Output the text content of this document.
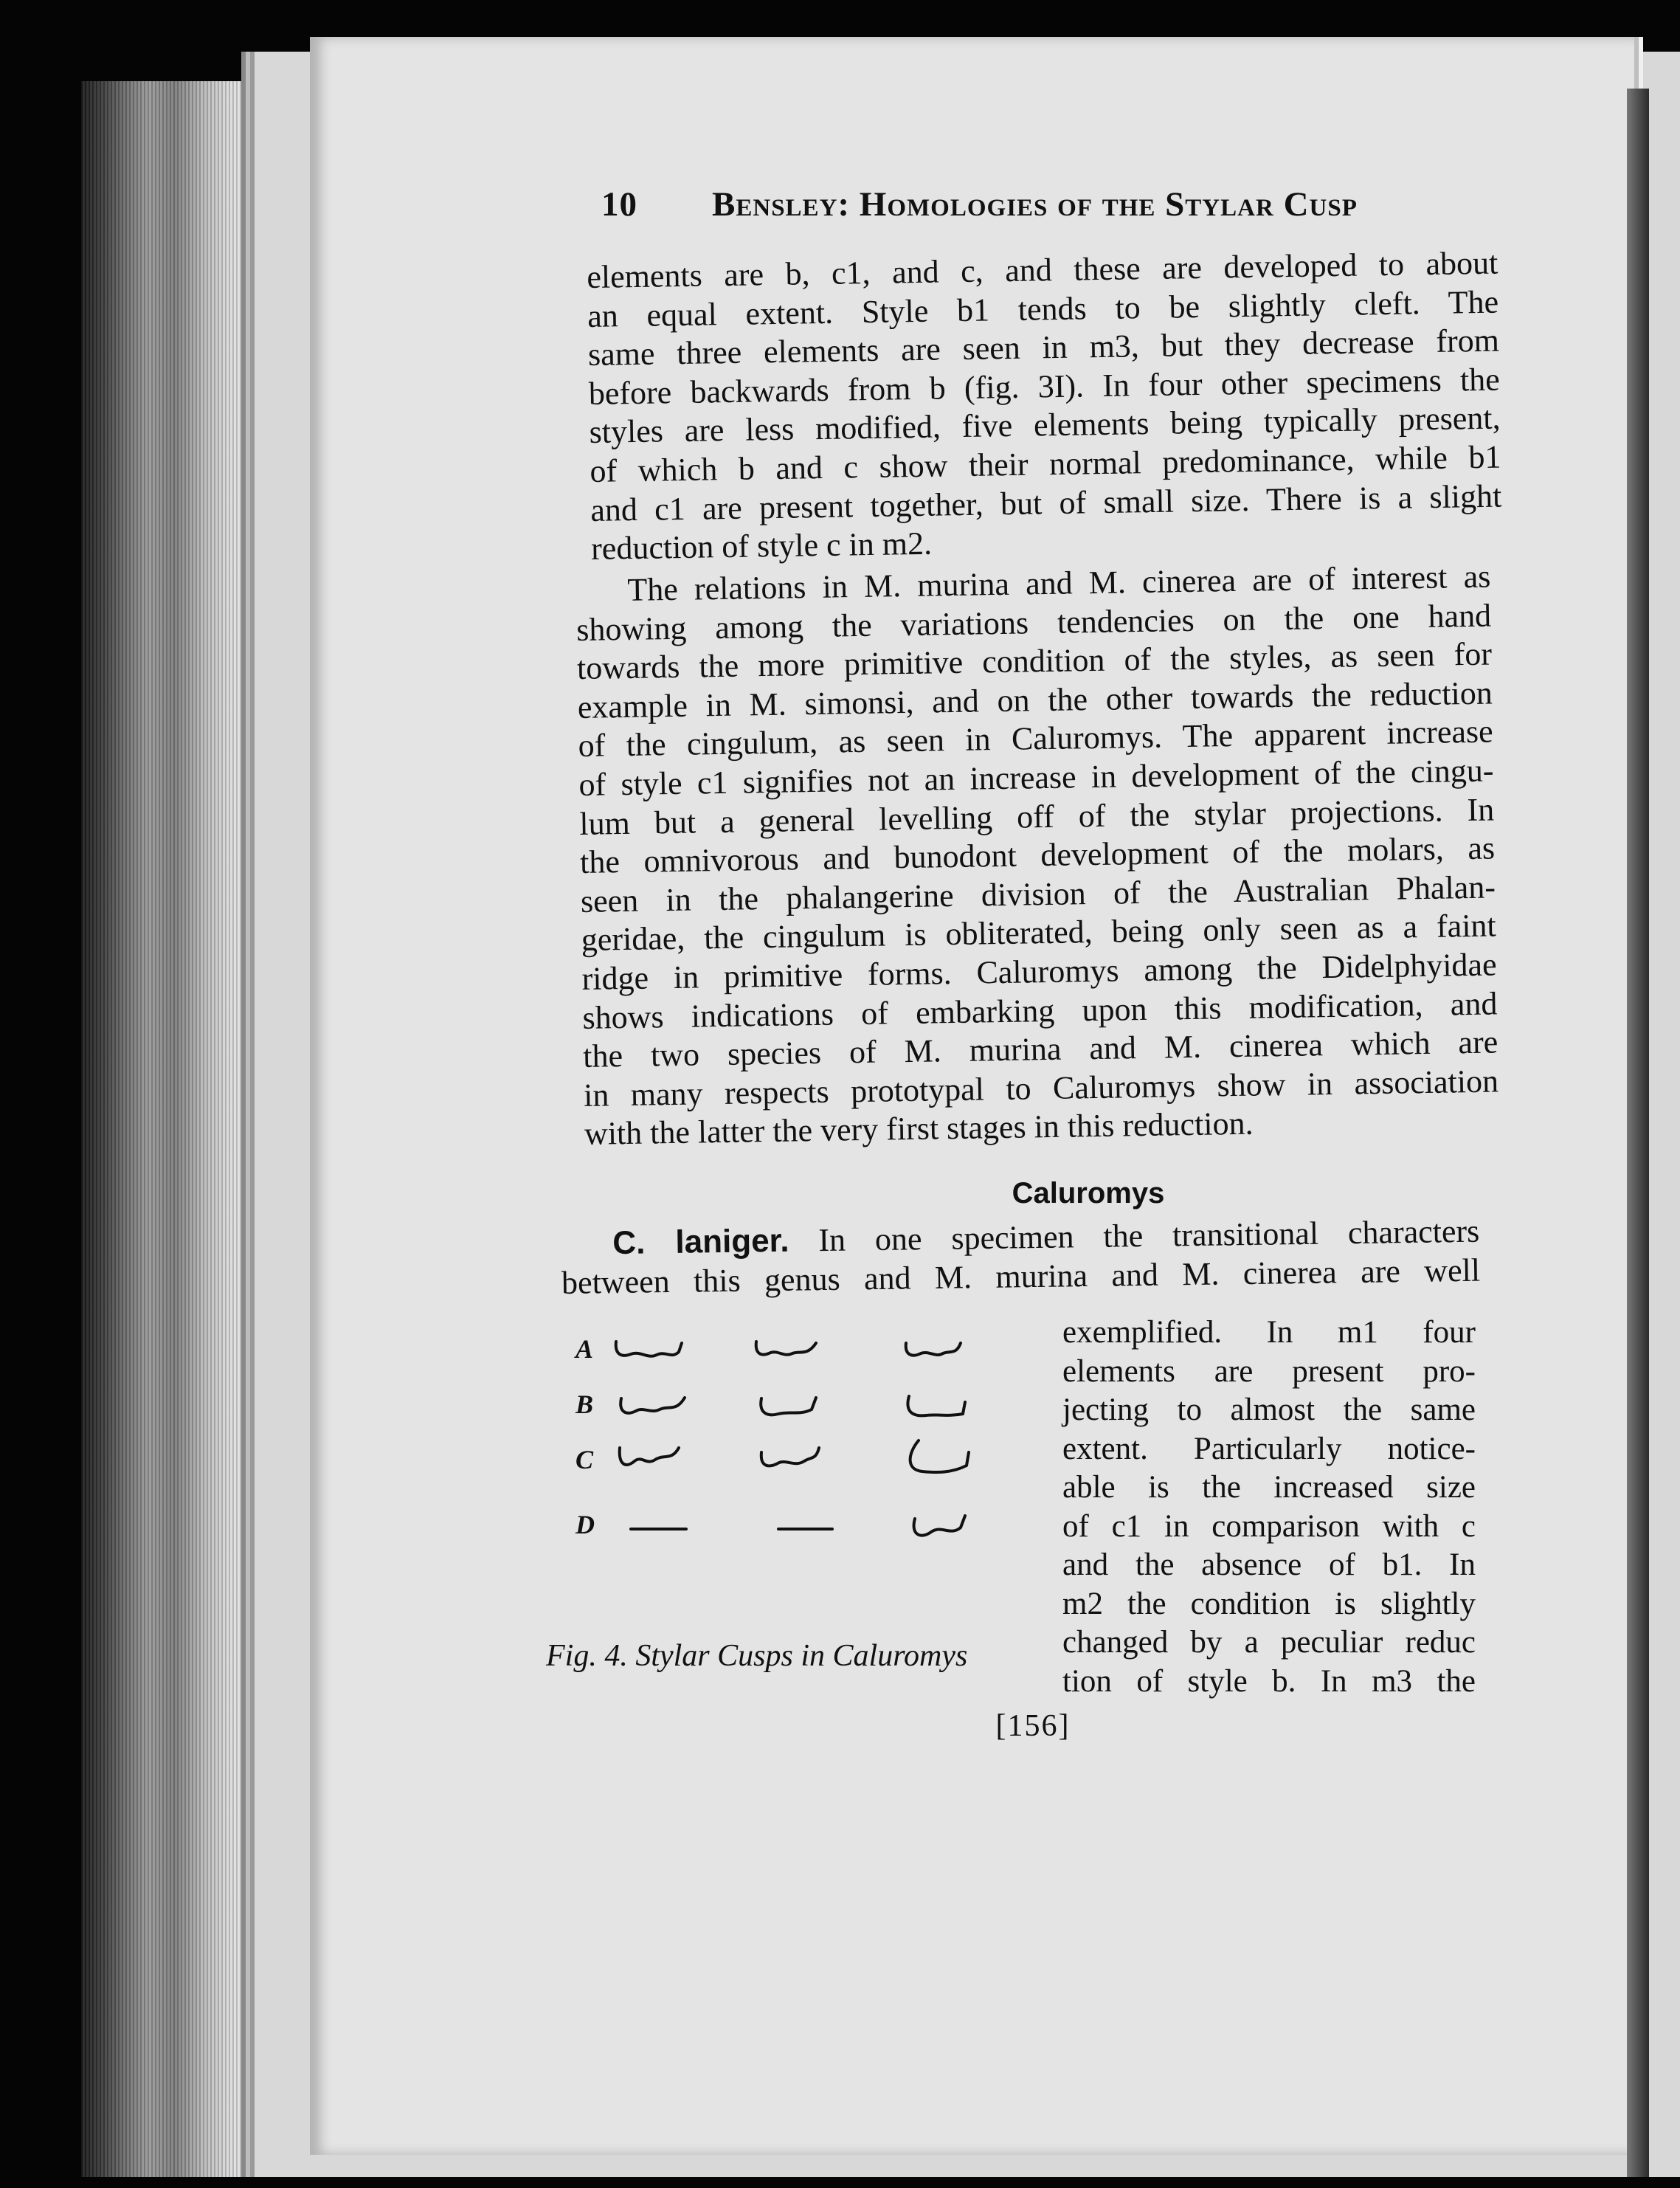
10 Bensley: Homologies of the Stylar Cusp

elements are b, c1, and c, and these are developed to about
an equal extent. Style b1 tends to be slightly cleft. The
same three elements are seen in m3, but they decrease from
before backwards from b (fig. 3I). In four other specimens the
styles are less modified, five elements being typically present,
of which b and c show their normal predominance, while b1
and c1 are present together, but of small size. There is a slight
reduction of style c in m2.

The relations in M. murina and M. cinerea are of interest as
showing among the variations tendencies on the one hand
towards the more primitive condition of the styles, as seen for
example in M. simonsi, and on the other towards the reduction
of the cingulum, as seen in Caluromys. The apparent increase
of style c1 signifies not an increase in development of the cingu-
lum but a general levelling off of the stylar projections. In
the omnivorous and bunodont development of the molars, as
seen in the phalangerine division of the Australian Phalan-
geridae, the cingulum is obliterated, being only seen as a faint
ridge in primitive forms. Caluromys among the Didelphyidae
shows indications of embarking upon this modification, and
the two species of M. murina and M. cinerea which are
in many respects prototypal to Caluromys show in association
with the latter the very first stages in this reduction.

Caluromys

C. laniger. In one specimen the transitional characters
between this genus and M. murina and M. cinerea are well

A
B
C
D
Fig. 4. Stylar Cusps in Caluromys

exemplified. In m1 four
elements are present pro-
jecting to almost the same
extent. Particularly notice-
able is the increased size
of c1 in comparison with c
and the absence of b1. In
m2 the condition is slightly
changed by a peculiar reduc
tion of style b. In m3 the

[156]
